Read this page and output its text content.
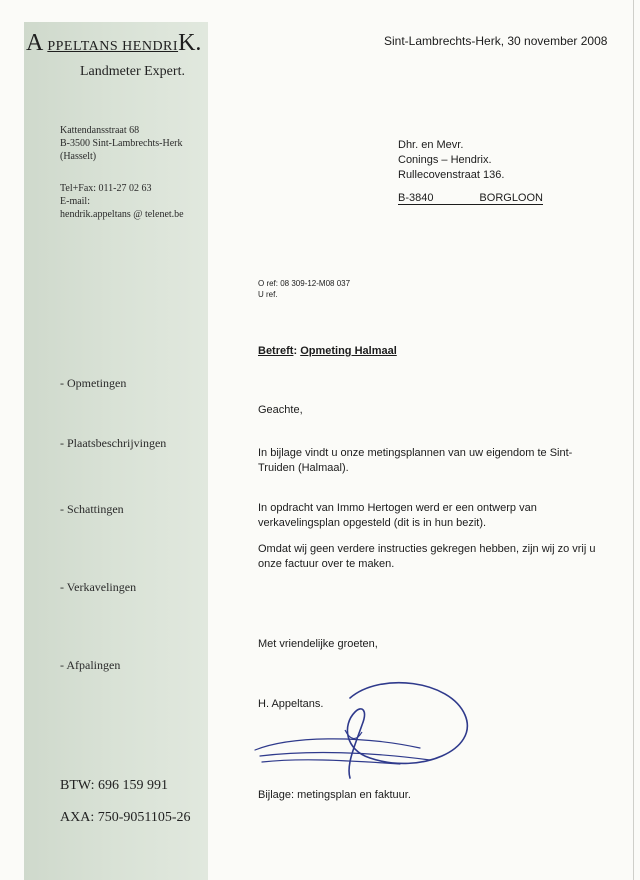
A PPELTANS HENDRIK.
Landmeter Expert.
Kattendansstraat 68
B-3500 Sint-Lambrechts-Herk
(Hasselt)
Tel+Fax: 011-27 02 63
E-mail:
hendrik.appeltans @ telenet.be
- Opmetingen
- Plaatsbeschrijvingen
- Schattingen
- Verkavelingen
- Afpalingen
BTW: 696 159 991
AXA: 750-9051105-26
Sint-Lambrechts-Herk, 30 november 2008
Dhr. en Mevr.
Conings – Hendrix.
Rullecovenstraat 136.
B-3840	BORGLOON
O ref: 08 309-12-M08 037
U ref.
Betreft: Opmeting Halmaal
Geachte,
In bijlage vindt u onze metingsplannen van uw eigendom te Sint-Truiden (Halmaal).
In opdracht van Immo Hertogen werd er een ontwerp van verkavelingsplan opgesteld (dit is in hun bezit).
Omdat wij geen verdere instructies gekregen hebben, zijn wij zo vrij u onze factuur over te maken.
Met vriendelijke groeten,
H. Appeltans.
Bijlage: metingsplan en faktuur.
